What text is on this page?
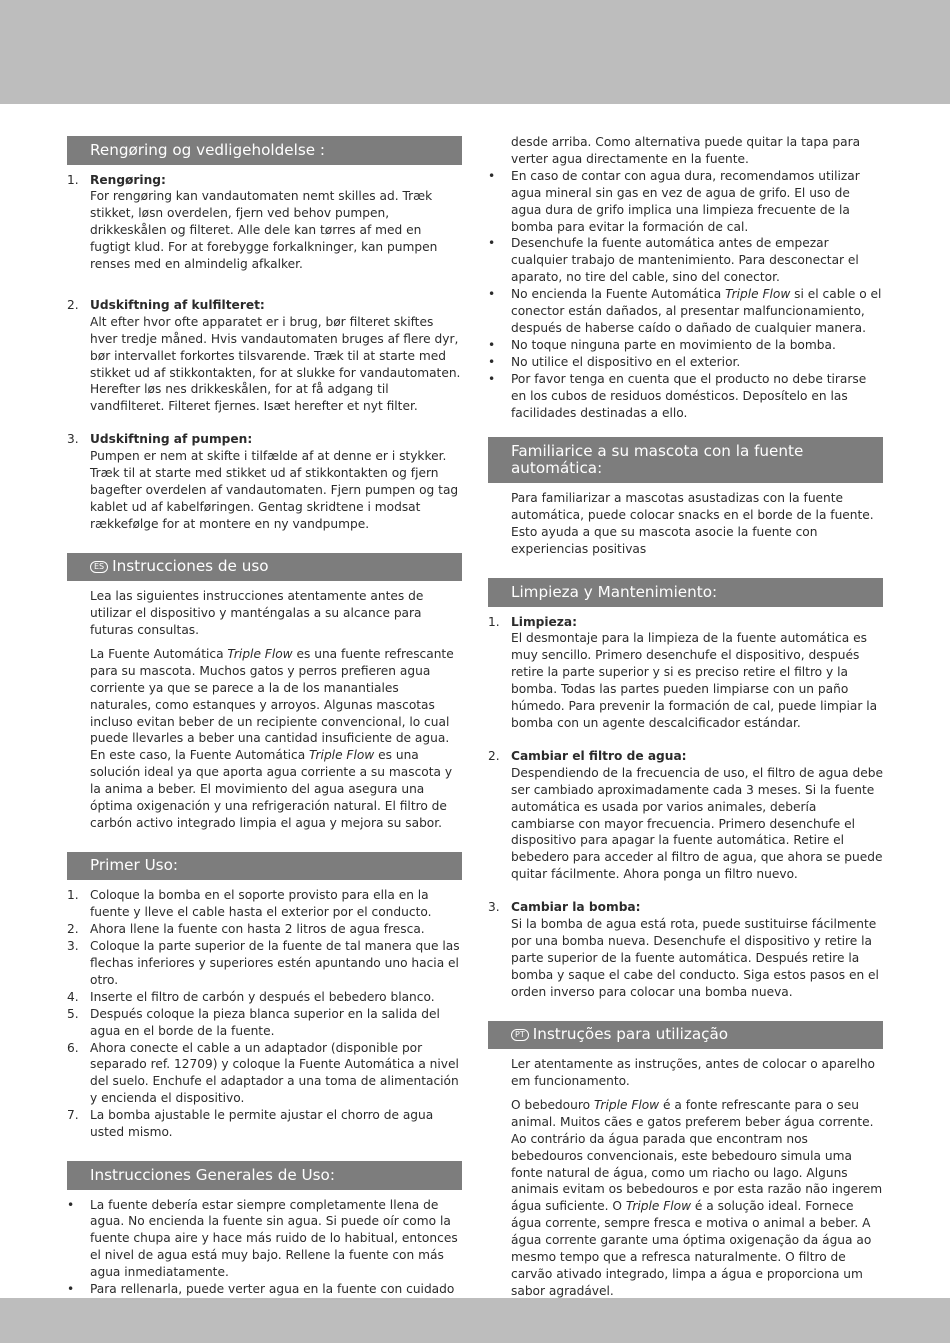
Rengøring og vedligeholdelse :
1. Rengøring:

For rengøring kan vandautomaten nemt skilles ad. Træk stikket, løsn overdelen, fjern ved behov pumpen, drikkeskålen og filteret. Alle dele kan tørres af med en fugtigt klud. For at forebygge forkalkninger, kan pumpen renses med en almindelig afkalker.

2. Udskiftning af kulfilteret:

Alt efter hvor ofte apparatet er i brug, bør filteret skiftes hver tredje måned. Hvis vandautomaten bruges af flere dyr, bør intervallet forkortes tilsvarende. Træk til at starte med stikket ud af stikkontakten, for at slukke for vandautomaten. Herefter løs nes drikkeskålen, for at få adgang til vandfilteret. Filteret fjernes. Isæt herefter et nyt filter.

3. Udskiftning af pumpen:

Pumpen er nem at skifte i tilfælde af at denne er i stykker. Træk til at starte med stikket ud af stikkontakten og fjern bagefter overdelen af vandautomaten. Fjern pumpen og tag kablet ud af kabelføringen. Gentag skridtene i modsat rækkefølge for at montere en ny vandpumpe.

ES Instrucciones de uso

Lea las siguientes instrucciones atentamente antes de utilizar el dispositivo y manténgalas a su alcance para futuras consultas.

La Fuente Automática Triple Flow es una fuente refrescante para su mascota. Muchos gatos y perros prefieren agua corriente ya que se parece a la de los manantiales naturales, como estanques y arroyos. Algunas mascotas incluso evitan beber de un recipiente convencional, lo cual puede llevarles a beber una cantidad insuficiente de agua. En este caso, la Fuente Automática Triple Flow es una solución ideal ya que aporta agua corriente a su mascota y la anima a beber. El movimiento del agua asegura una óptima oxigenación y una refrigeración natural. El filtro de carbón activo integrado limpia el agua y mejora su sabor.

Primer Uso:
1. Coloque la bomba en el soporte provisto para ella en la fuente y lleve el cable hasta el exterior por el conducto.

2. Ahora llene la fuente con hasta 2 litros de agua fresca.

3. Coloque la parte superior de la fuente de tal manera que las flechas inferiores y superiores estén apuntando uno hacia el otro.

4. Inserte el filtro de carbón y después el bebedero blanco.

5. Después coloque la pieza blanca superior en la salida del agua en el borde de la fuente.

6. Ahora conecte el cable a un adaptador (disponible por separado ref. 12709) y coloque la Fuente Automática a nivel del suelo. Enchufe el adaptador a una toma de alimentación y encienda el dispositivo.

7. La bomba ajustable le permite ajustar el chorro de agua usted mismo.

Instrucciones Generales de Uso:
• La fuente debería estar siempre completamente llena de agua. No encienda la fuente sin agua. Si puede oír como la fuente chupa aire y hace más ruido de lo habitual, entonces el nivel de agua está muy bajo. Rellene la fuente con más agua inmediatamente.

• Para rellenarla, puede verter agua en la fuente con cuidado

desde arriba. Como alternativa puede quitar la tapa para verter agua directamente en la fuente.

• En caso de contar con agua dura, recomendamos utilizar agua mineral sin gas en vez de agua de grifo. El uso de agua dura de grifo implica una limpieza frecuente de la bomba para evitar la formación de cal.

• Desenchufe la fuente automática antes de empezar cualquier trabajo de mantenimiento. Para desconectar el aparato, no tire del cable, sino del conector.

• No encienda la Fuente Automática Triple Flow si el cable o el conector están dañados, al presentar malfuncionamiento, después de haberse caído o dañado de cualquier manera.

• No toque ninguna parte en movimiento de la bomba.

• No utilice el dispositivo en el exterior.

• Por favor tenga en cuenta que el producto no debe tirarse en los cubos de residuos domésticos. Deposítelo en las facilidades destinadas a ello.

Familiarice a su mascota con la fuente automática:

Para familiarizar a mascotas asustadizas con la fuente automática, puede colocar snacks en el borde de la fuente. Esto ayuda a que su mascota asocie la fuente con experiencias positivas

Limpieza y Mantenimiento:
1. Limpieza:

El desmontaje para la limpieza de la fuente automática es muy sencillo. Primero desenchufe el dispositivo, después retire la parte superior y si es preciso retire el filtro y la bomba. Todas las partes pueden limpiarse con un paño húmedo. Para prevenir la formación de cal, puede limpiar la bomba con un agente descalcificador estándar.

2. Cambiar el filtro de agua:

Despendiendo de la frecuencia de uso, el filtro de agua debe ser cambiado aproximadamente cada 3 meses. Si la fuente automática es usada por varios animales, debería cambiarse con mayor frecuencia. Primero desenchufe el dispositivo para apagar la fuente automática. Retire el bebedero para acceder al filtro de agua, que ahora se puede quitar fácilmente. Ahora ponga un filtro nuevo.

3. Cambiar la bomba:

Si la bomba de agua está rota, puede sustituirse fácilmente por una bomba nueva. Desenchufe el dispositivo y retire la parte superior de la fuente automática. Después retire la bomba y saque el cabe del conducto. Siga estos pasos en el orden inverso para colocar una bomba nueva.

PT Instruções para utilização

Ler atentamente as instruções, antes de colocar o aparelho em funcionamento.

O bebedouro Triple Flow é a fonte refrescante para o seu animal. Muitos cães e gatos preferem beber água corrente. Ao contrário da água parada que encontram nos bebedouros convencionais, este bebedouro simula uma fonte natural de água, como um riacho ou lago. Alguns animais evitam os bebedouros e por esta razão não ingerem água suficiente. O Triple Flow é a solução ideal. Fornece água corrente, sempre fresca e motiva o animal a beber. A água corrente garante uma óptima oxigenação da água ao mesmo tempo que a refresca naturalmente. O filtro de carvão ativado integrado, limpa a água e proporciona um sabor agradável.
